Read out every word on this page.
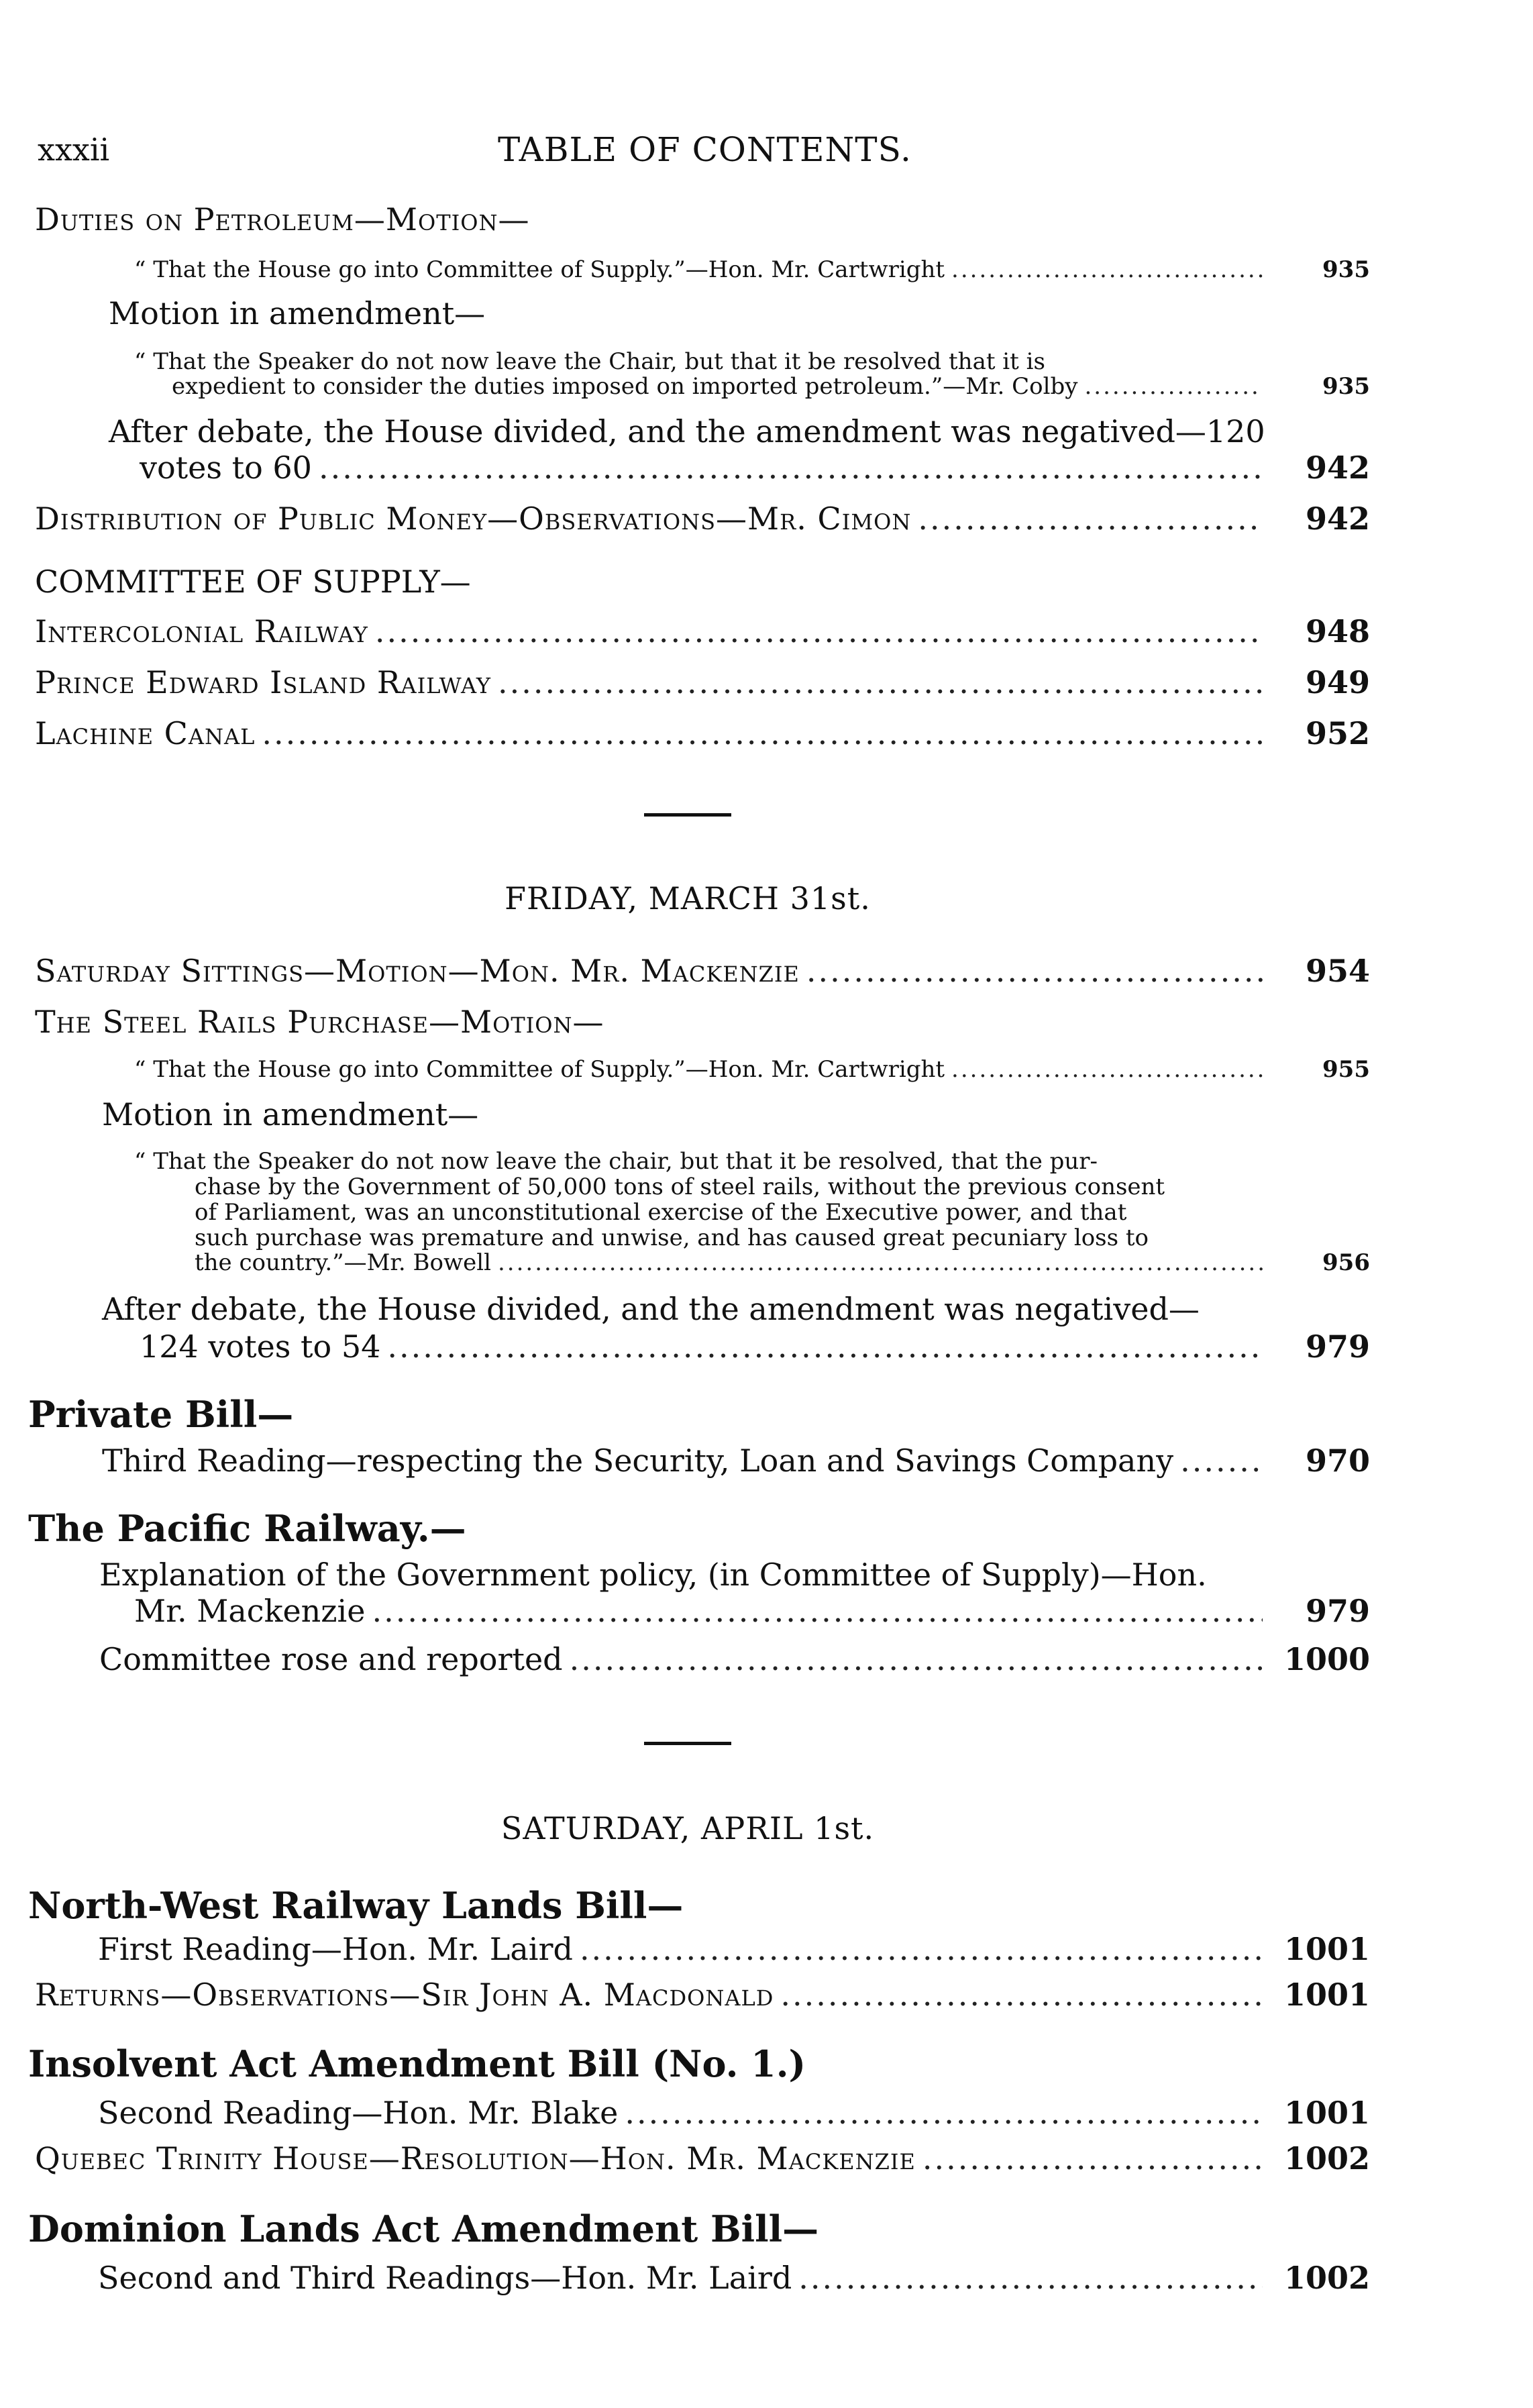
xxxii	TABLE OF CONTENTS.
Duties on Petroleum—Motion—
“ That the House go into Committee of Supply.”—Hon. Mr. Cartwright .....	935
Motion in amendment—
“ That the Speaker do not now leave the Chair, but that it be resolved that it is
expedient to consider the duties imposed on imported petroleum.”—Mr. Colby .....	935
After debate, the House divided, and the amendment was negatived—120
votes to 60 .....	942
Distribution of Public Money—Observations—Mr. Cimon .....	942
COMMITTEE OF SUPPLY—
Intercolonial Railway .....	948
Prince Edward Island Railway .....	949
Lachine Canal .....	952
FRIDAY, MARCH 31st.
Saturday Sittings—Motion—Mon. Mr. Mackenzie .....	954
The Steel Rails Purchase—Motion—
“ That the House go into Committee of Supply.”—Hon. Mr. Cartwright .....	955
Motion in amendment—
“ That the Speaker do not now leave the chair, but that it be resolved, that the pur-
chase by the Government of 50,000 tons of steel rails, without the previous consent
of Parliament, was an unconstitutional exercise of the Executive power, and that
such purchase was premature and unwise, and has caused great pecuniary loss to
the country.”—Mr. Bowell .....	956
After debate, the House divided, and the amendment was negatived—
124 votes to 54 .....	979
Private Bill—
Third Reading—respecting the Security, Loan and Savings Company .....	970
The Pacific Railway.—
Explanation of the Government policy, (in Committee of Supply)—Hon.
Mr. Mackenzie .....	979
Committee rose and reported .....	1000
SATURDAY, APRIL 1st.
North-West Railway Lands Bill—
First Reading—Hon. Mr. Laird .....	1001
Returns—Observations—Sir John A. Macdonald .....	1001
Insolvent Act Amendment Bill (No. 1.)
Second Reading—Hon. Mr. Blake .....	1001
Quebec Trinity House—Resolution—Hon. Mr. Mackenzie .....	1002
Dominion Lands Act Amendment Bill—
Second and Third Readings—Hon. Mr. Laird .....	1002
